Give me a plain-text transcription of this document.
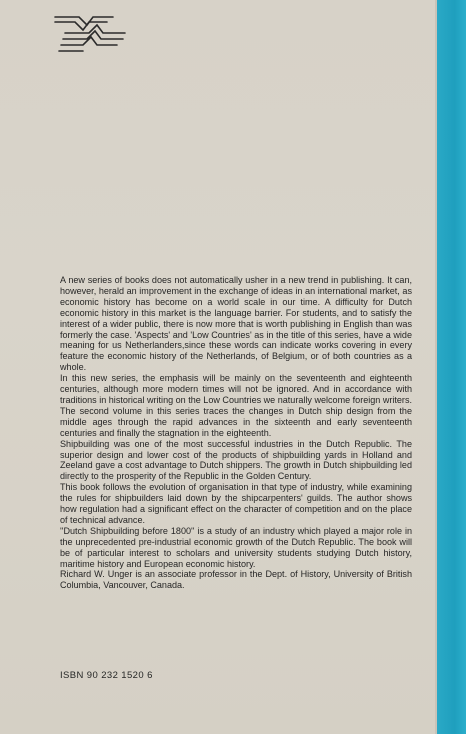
A new series of books does not automatically usher in a new trend in publishing. It can, however, herald an improvement in the exchange of ideas in an international market, as economic history has become on a world scale in our time. A difficulty for Dutch economic history in this market is the language barrier. For students, and to satisfy the interest of a wider public, there is now more that is worth publishing in English than was formerly the case. 'Aspects' and 'Low Countries' as in the title of this series, have a wide meaning for us Netherlanders,since these words can indicate works covering in every feature the economic history of the Netherlands, of Belgium, or of both countries as a whole.

In this new series, the emphasis will be mainly on the seventeenth and eighteenth centuries, although more modern times will not be ignored. And in accordance with traditions in historical writing on the Low Countries we naturally welcome foreign writers.

The second volume in this series traces the changes in Dutch ship design from the middle ages through the rapid advances in the sixteenth and early seventeenth centuries and finally the stagnation in the eighteenth.

Shipbuilding was one of the most successful industries in the Dutch Republic. The superior design and lower cost of the products of shipbuilding yards in Holland and Zeeland gave a cost advantage to Dutch shippers. The growth in Dutch shipbuilding led directly to the prosperity of the Republic in the Golden Century.

This book follows the evolution of organisation in that type of industry, while examining the rules for shipbuilders laid down by the shipcarpenters' guilds. The author shows how regulation had a significant effect on the character of competition and on the place of technical advance.

''Dutch Shipbuilding before 1800'' is a study of an industry which played a major role in the unprecedented pre-industrial economic growth of the Dutch Republic. The book will be of particular interest to scholars and university students studying Dutch history, maritime history and European economic history.

Richard W. Unger is an associate professor in the Dept. of History, University of British Columbia, Vancouver, Canada.

ISBN 90 232 1520 6
